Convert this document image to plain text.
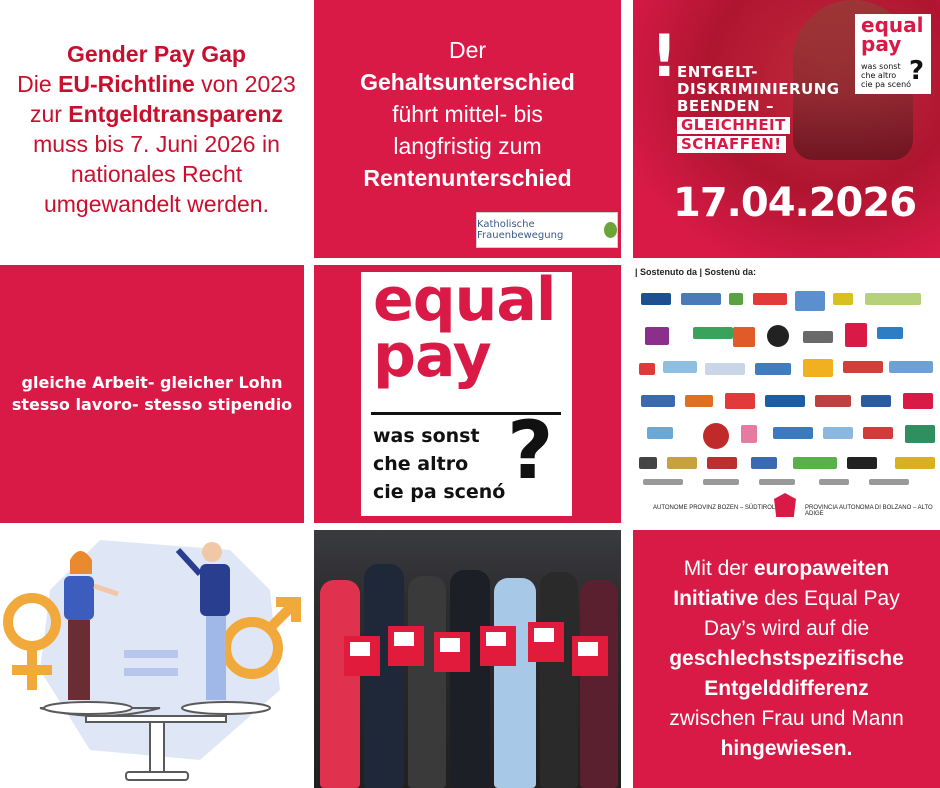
Gender Pay Gap
Die EU-Richtline von 2023
zur Entgeldtransparenz
muss bis 7. Juni 2026 in
nationales Recht
umgewandelt werden.
Der
Gehaltsunterschied
führt mittel- bis
langfristig zum
Rentenunterschied
Katholische Frauenbewegung
! ENTGELT-
DISKRIMINIERUNG
BEENDEN –
GLEICHHEIT
SCHAFFEN!
17.04.2026
equal
pay
was sonst
che altro
cie pa scenó
?
gleiche Arbeit- gleicher Lohn
stesso lavoro- stesso stipendio
equal
pay
was sonst
che altro
cie pa scenó ?
| Sostenuto da | Sostenù da:
AUTONOME PROVINZ BOZEN – SÜDTIROL	PROVINCIA AUTONOMA DI BOLZANO – ALTO ADIGE
Mit der europaweiten
Initiative des Equal Pay
Day’s wird auf die
geschlechstspezifische
Entgelddifferenz
zwischen Frau und Mann
hingewiesen.
